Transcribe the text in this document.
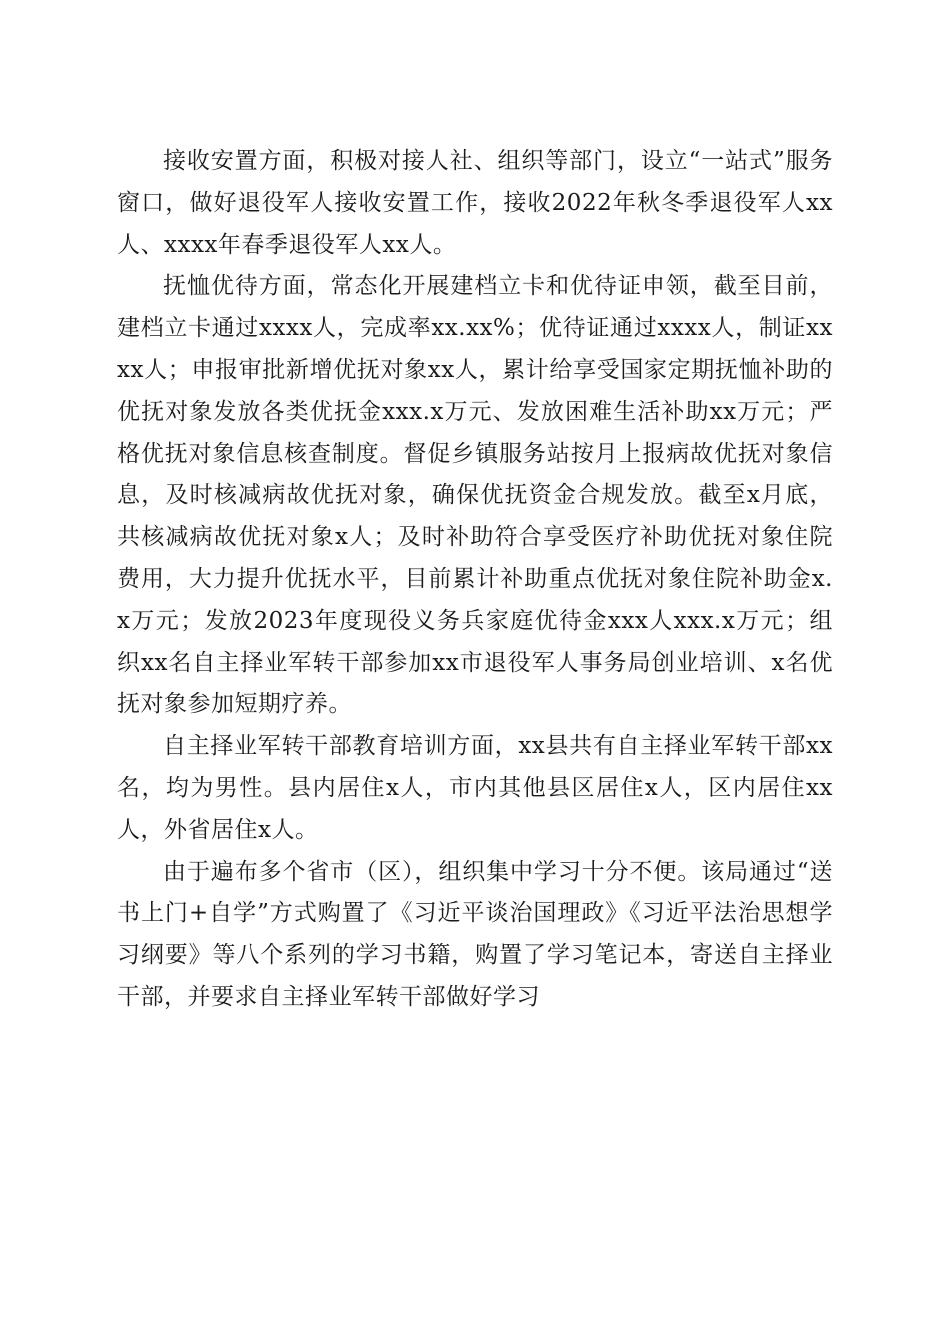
接收安置方面，积极对接人社、组织等部门，设立“一站式”服务窗口，做好退役军人接收安置工作，接收2022年秋冬季退役军人xx人、xxxx年春季退役军人xx人。

抚恤优待方面，常态化开展建档立卡和优待证申领，截至目前，建档立卡通过xxxx人，完成率xx.xx%；优待证通过xxxx人，制证xxxx人；申报审批新增优抚对象xx人，累计给享受国家定期抚恤补助的优抚对象发放各类优抚金xxx.x万元、发放困难生活补助xx万元；严格优抚对象信息核查制度。督促乡镇服务站按月上报病故优抚对象信息，及时核减病故优抚对象，确保优抚资金合规发放。截至x月底，共核减病故优抚对象x人；及时补助符合享受医疗补助优抚对象住院费用，大力提升优抚水平，目前累计补助重点优抚对象住院补助金x.x万元；发放2023年度现役义务兵家庭优待金xxx人xxx.x万元；组织xx名自主择业军转干部参加xx市退役军人事务局创业培训、x名优抚对象参加短期疗养。

自主择业军转干部教育培训方面，xx县共有自主择业军转干部xx名，均为男性。县内居住x人，市内其他县区居住x人，区内居住xx人，外省居住x人。

由于遍布多个省市（区），组织集中学习十分不便。该局通过“送书上门+自学”方式购置了《习近平谈治国理政》《习近平法治思想学习纲要》等八个系列的学习书籍，购置了学习笔记本，寄送自主择业干部，并要求自主择业军转干部做好学习
